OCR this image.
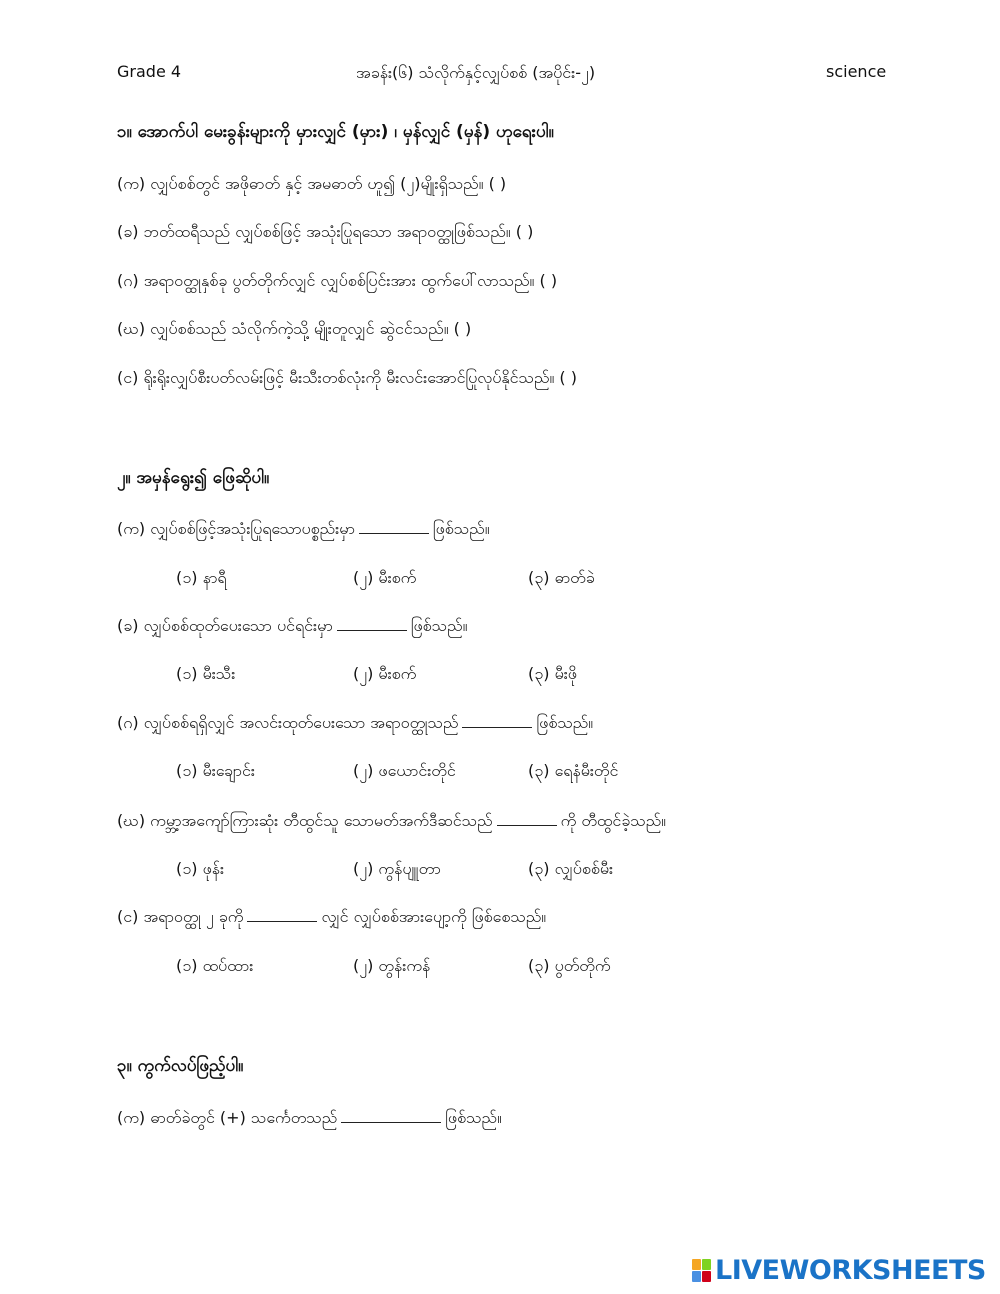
Grade 4	အခန်း(၆) သံလိုက်နှင့်လျှပ်စစ် (အပိုင်း-၂)	science
၁။ အောက်ပါ မေးခွန်းများကို မှားလျှင် (မှား) ၊ မှန်လျှင် (မှန်) ဟုရေးပါ။
(က) လျှပ်စစ်တွင် အဖိုဓာတ် နှင့် အမဓာတ် ဟူ၍ (၂)မျိုးရှိသည်။ ( )
(ခ) ဘတ်ထရီသည် လျှပ်စစ်ဖြင့် အသုံးပြုရသော အရာဝတ္ထုဖြစ်သည်။ ( )
(ဂ) အရာဝတ္ထုနှစ်ခု ပွတ်တိုက်လျှင် လျှပ်စစ်ပြင်းအား ထွက်ပေါ်လာသည်။ ( )
(ဃ) လျှပ်စစ်သည် သံလိုက်ကဲ့သို့ မျိုးတူလျှင် ဆွဲငင်သည်။ ( )
(င) ရိုးရိုးလျှပ်စီးပတ်လမ်းဖြင့် မီးသီးတစ်လုံးကို မီးလင်းအောင်ပြုလုပ်နိုင်သည်။ ( )
၂။ အမှန်ရွေး၍ ဖြေဆိုပါ။
(က) လျှပ်စစ်ဖြင့်အသုံးပြုရသောပစ္စည်းမှာ	ဖြစ်သည်။
(၁) နာရီ	(၂) မီးစက်	(၃) ဓာတ်ခဲ
(ခ) လျှပ်စစ်ထုတ်ပေးသော ပင်ရင်းမှာ	ဖြစ်သည်။
(၁) မီးသီး	(၂) မီးစက်	(၃) မီးဖို
(ဂ) လျှပ်စစ်ရရှိလျှင် အလင်းထုတ်ပေးသော အရာဝတ္ထုသည်	ဖြစ်သည်။
(၁) မီးချောင်း	(၂) ဖယောင်းတိုင်	(၃) ရေနံမီးတိုင်
(ဃ) ကမ္ဘာ့အကျော်ကြားဆုံး တီထွင်သူ သောမတ်အက်ဒီဆင်သည်	ကို တီထွင်ခဲ့သည်။
(၁) ဖုန်း	(၂) ကွန်ပျူတာ	(၃) လျှပ်စစ်မီး
(င) အရာဝတ္ထု ၂ ခုကို	လျှင် လျှပ်စစ်အားပျော့ကို ဖြစ်စေသည်။
(၁) ထပ်ထား	(၂) တွန်းကန်	(၃) ပွတ်တိုက်
၃။ ကွက်လပ်ဖြည့်ပါ။
(က) ဓာတ်ခဲတွင် (+) သင်္ကေတသည်	ဖြစ်သည်။
LIVEWORKSHEETS
